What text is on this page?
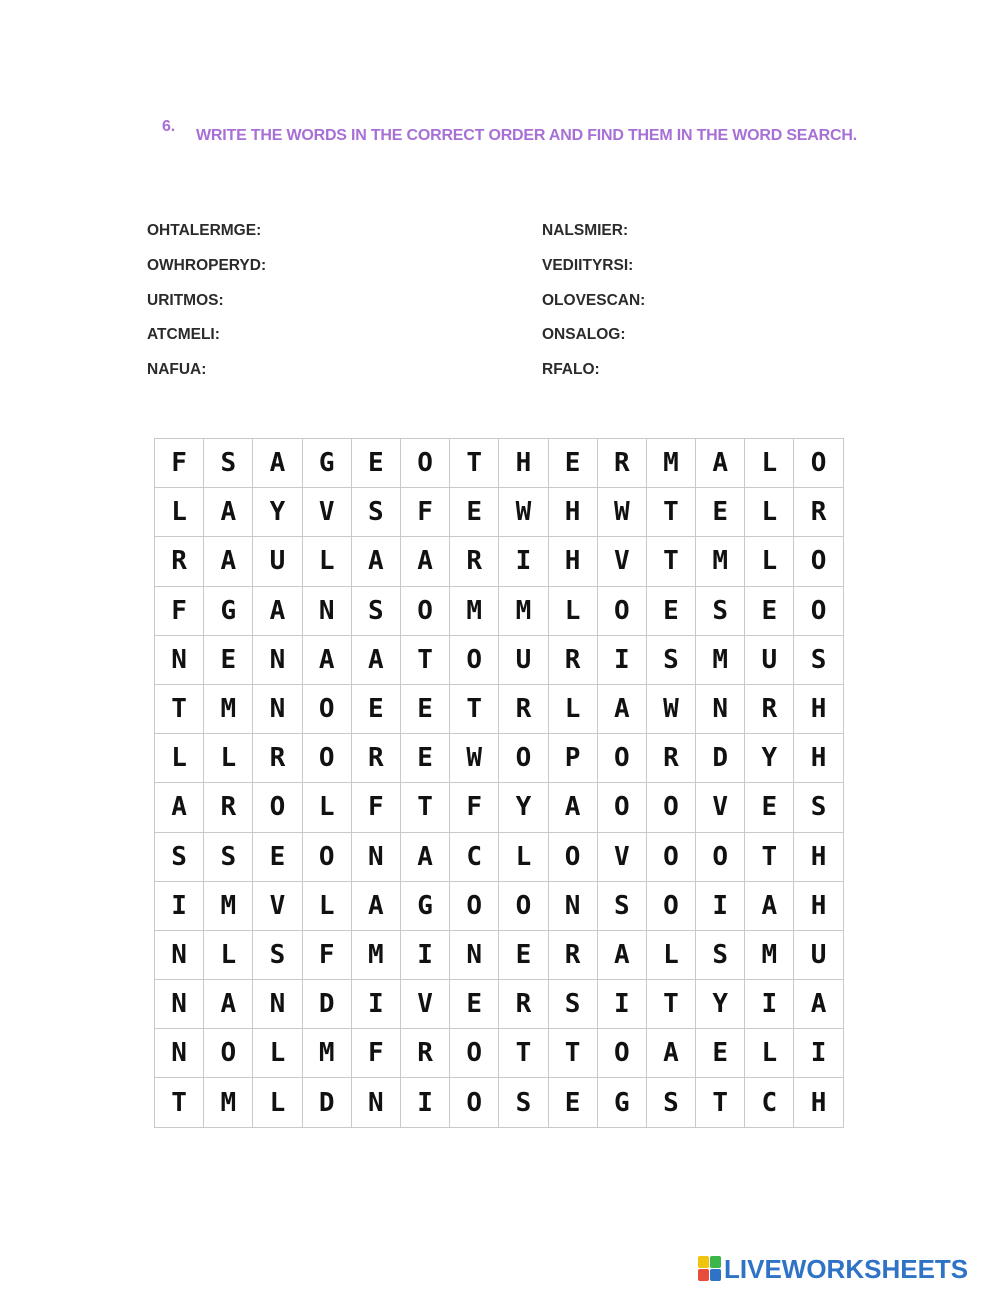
6.
WRITE THE WORDS IN THE CORRECT ORDER AND FIND THEM IN THE WORD SEARCH.
OHTALERMGE:
OWHROPERYD:
URITMOS:
ATCMELI:
NAFUA:
NALSMIER:
VEDIITYRSI:
OLOVESCAN:
ONSALOG:
RFALO:
F	S	A	G	E	O	T	H	E	R	M	A	L	O
L	A	Y	V	S	F	E	W	H	W	T	E	L	R
R	A	U	L	A	A	R	I	H	V	T	M	L	O
F	G	A	N	S	O	M	M	L	O	E	S	E	O
N	E	N	A	A	T	O	U	R	I	S	M	U	S
T	M	N	O	E	E	T	R	L	A	W	N	R	H
L	L	R	O	R	E	W	O	P	O	R	D	Y	H
A	R	O	L	F	T	F	Y	A	O	O	V	E	S
S	S	E	O	N	A	C	L	O	V	O	O	T	H
I	M	V	L	A	G	O	O	N	S	O	I	A	H
N	L	S	F	M	I	N	E	R	A	L	S	M	U
N	A	N	D	I	V	E	R	S	I	T	Y	I	A
N	O	L	M	F	R	O	T	T	O	A	E	L	I
T	M	L	D	N	I	O	S	E	G	S	T	C	H
LIVEWORKSHEETS
